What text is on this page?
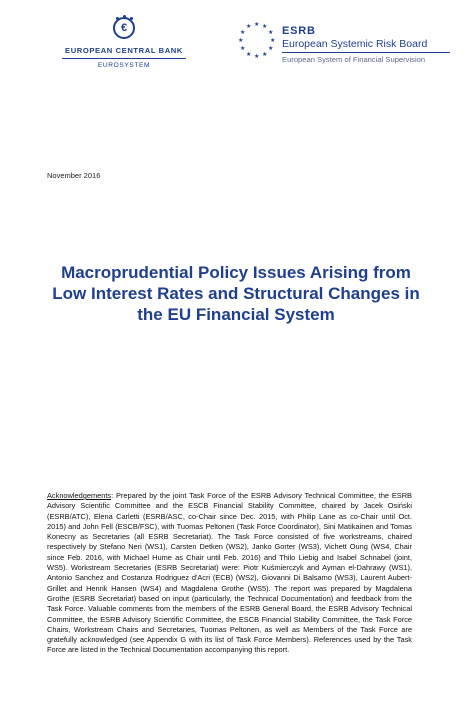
€
EUROPEAN CENTRAL BANK
EUROSYSTEM
★ ★
★
★
★
★
★
★
★
★
★
★	ESRB
European Systemic Risk Board
European System of Financial Supervision
November 2016
Macroprudential Policy Issues Arising from Low Interest Rates and Structural Changes in the EU Financial System

Acknowledgements: Prepared by the joint Task Force of the ESRB Advisory Technical Committee, the ESRB Advisory Scientific Committee and the ESCB Financial Stability Committee, chaired by Jacek Osiński (ESRB/ATC), Elena Carletti (ESRB/ASC, co-Chair since Dec. 2015, with Philip Lane as co-Chair until Oct. 2015) and John Fell (ESCB/FSC), with Tuomas Peltonen (Task Force Coordinator), Sini Matikainen and Tomas Konecny as Secretaries (all ESRB Secretariat). The Task Force consisted of five workstreams, chaired respectively by Stefano Neri (WS1), Carsten Detken (WS2), Janko Gorter (WS3), Vichett Oung (WS4, Chair since Feb. 2016, with Michael Hume as Chair until Feb. 2016) and Thilo Liebig and Isabel Schnabel (joint, WS5). Workstream Secretaries (ESRB Secretariat) were: Piotr Kuśmierczyk and Ayman el-Dahrawy (WS1), Antonio Sanchez and Costanza Rodriguez d'Acri (ECB) (WS2), Giovanni Di Balsamo (WS3), Laurent Aubert-Grillet and Henrik Hansen (WS4) and Magdalena Grothe (WS5). The report was prepared by Magdalena Grothe (ESRB Secretariat) based on input (particularly, the Technical Documentation) and feedback from the Task Force. Valuable comments from the members of the ESRB General Board, the ESRB Advisory Technical Committee, the ESRB Advisory Scientific Committee, the ESCB Financial Stability Committee, the Task Force Chairs, Workstream Chairs and Secretaries, Tuomas Peltonen, as well as Members of the Task Force are gratefully acknowledged (see Appendix G with its list of Task Force Members). References used by the Task Force are listed in the Technical Documentation accompanying this report.
